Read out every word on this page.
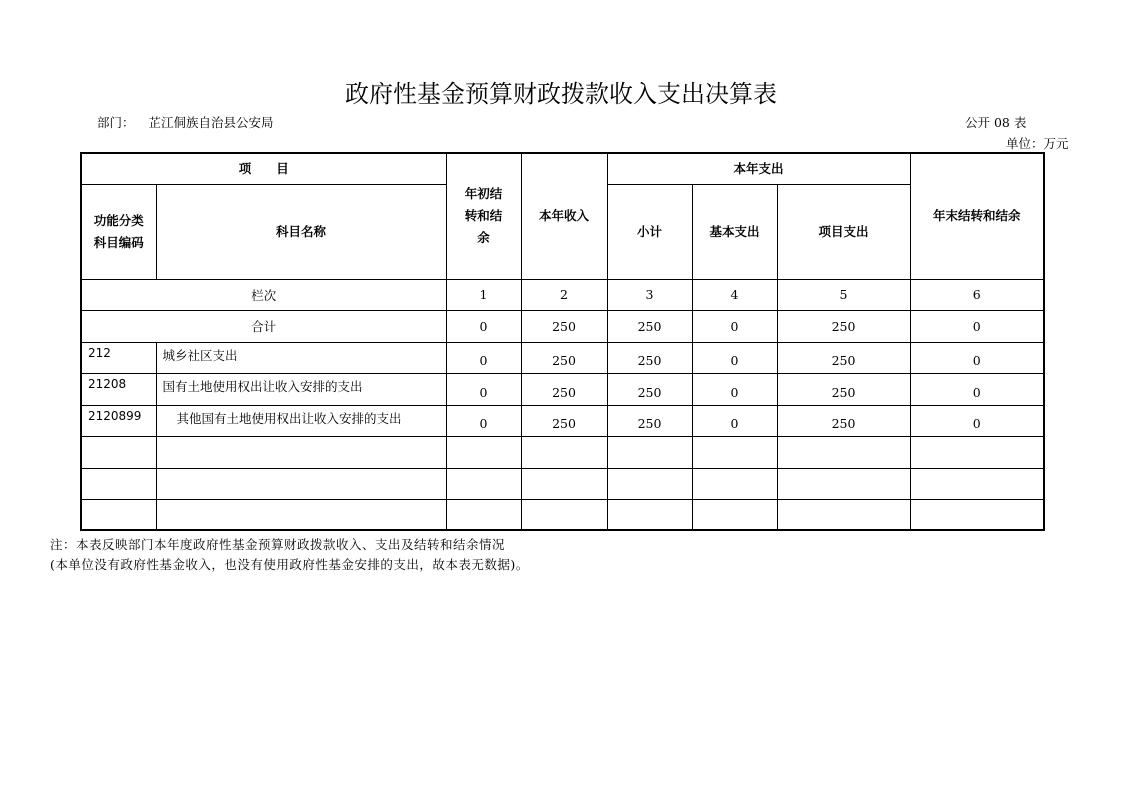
政府性基金预算财政拨款收入支出决算表
部门： 芷江侗族自治县公安局	公开 08 表
单位：万元
项　　目		年初结转和结余	本年收入	本年支出			年末结转和结余

功能分类科目编码	科目名称			小计	基本支出	项目支出	
栏次		1	2	3	4	5	6
合计		0	250	250	0	250	0
212	城乡社区支出	0	250	250	0	250	0
21208	国有土地使用权出让收入安排的支出	0	250	250	0	250	0
2120899	其他国有土地使用权出让收入安排的支出	0	250	250	0	250	0

注：本表反映部门本年度政府性基金预算财政拨款收入、支出及结转和结余情况
(本单位没有政府性基金收入，也没有使用政府性基金安排的支出，故本表无数据)。
